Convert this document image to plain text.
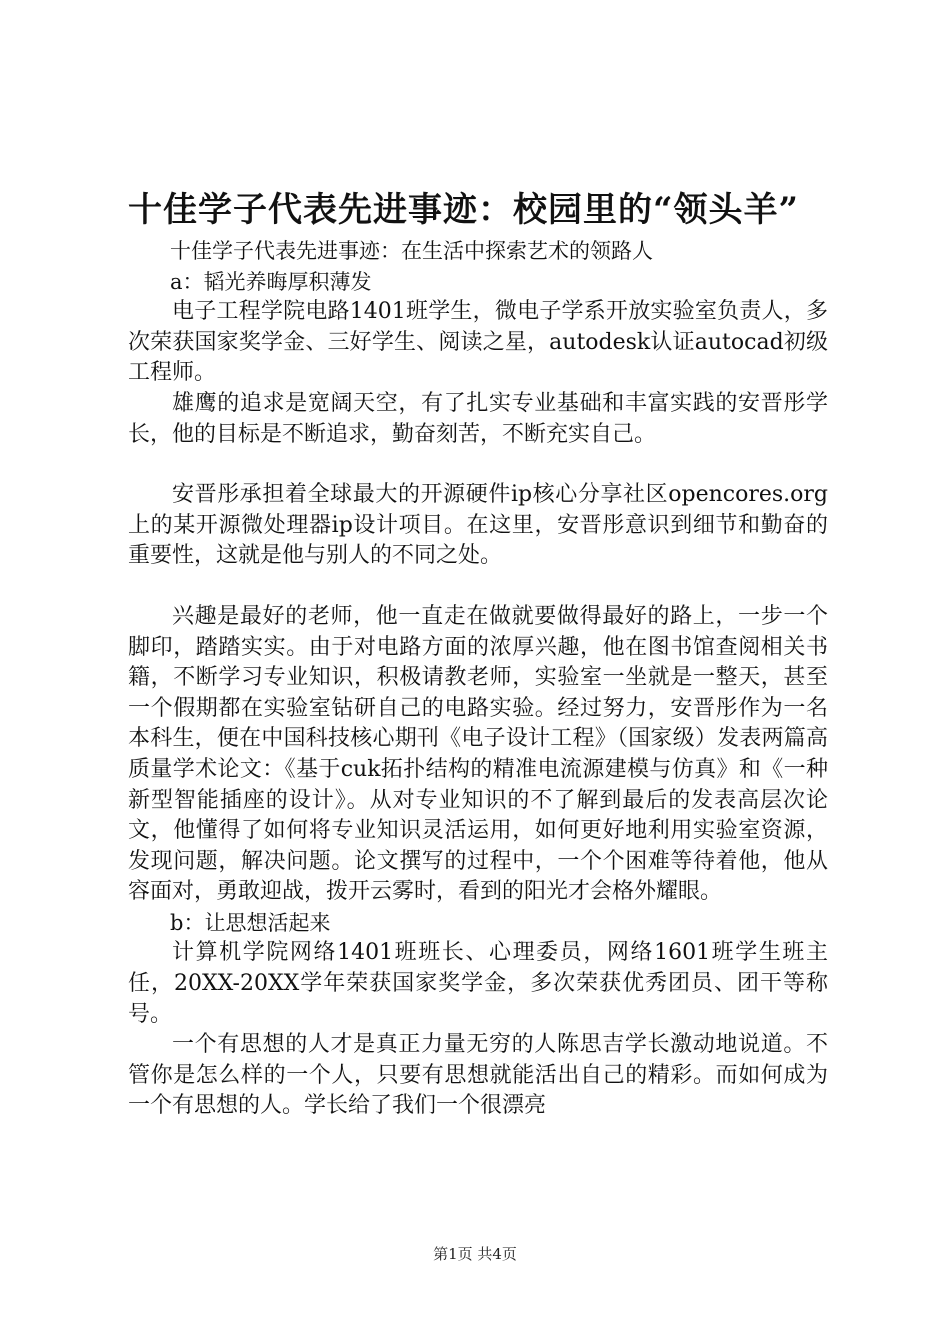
十佳学子代表先进事迹：校园里的“领头羊”

十佳学子代表先进事迹：在生活中探索艺术的领路人

a：韬光养晦厚积薄发

电子工程学院电路1401班学生，微电子学系开放实验室负责人，多次荣获国家奖学金、三好学生、阅读之星，autodesk认证autocad初级工程师。

雄鹰的追求是宽阔天空，有了扎实专业基础和丰富实践的安晋彤学长，他的目标是不断追求，勤奋刻苦，不断充实自己。

安晋彤承担着全球最大的开源硬件ip核心分享社区opencores.org上的某开源微处理器ip设计项目。在这里，安晋彤意识到细节和勤奋的重要性，这就是他与别人的不同之处。

兴趣是最好的老师，他一直走在做就要做得最好的路上，一步一个脚印，踏踏实实。由于对电路方面的浓厚兴趣，他在图书馆查阅相关书籍，不断学习专业知识，积极请教老师，实验室一坐就是一整天，甚至一个假期都在实验室钻研自己的电路实验。经过努力，安晋彤作为一名本科生，便在中国科技核心期刊《电子设计工程》（国家级）发表两篇高质量学术论文：《基于cuk拓扑结构的精准电流源建模与仿真》和《一种新型智能插座的设计》。从对专业知识的不了解到最后的发表高层次论文，他懂得了如何将专业知识灵活运用，如何更好地利用实验室资源，发现问题，解决问题。论文撰写的过程中，一个个困难等待着他，他从容面对，勇敢迎战，拨开云雾时，看到的阳光才会格外耀眼。

b：让思想活起来

计算机学院网络1401班班长、心理委员，网络1601班学生班主任，20XX-20XX学年荣获国家奖学金，多次荣获优秀团员、团干等称号。

一个有思想的人才是真正力量无穷的人陈思吉学长激动地说道。不管你是怎么样的一个人，只要有思想就能活出自己的精彩。而如何成为一个有思想的人。学长给了我们一个很漂亮

第1页 共4页
